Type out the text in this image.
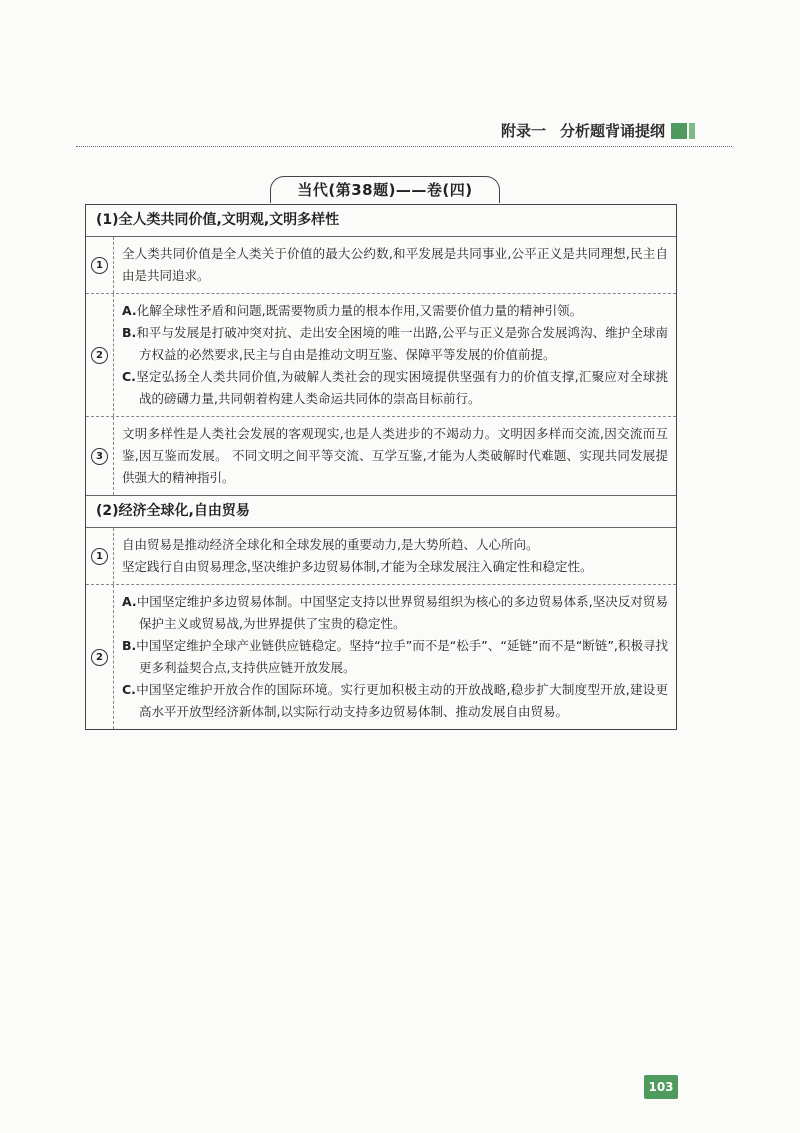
附录一 分析题背诵提纲
当代(第38题)——卷(四)
(1)全人类共同价值,文明观,文明多样性
1
全人类共同价值是全人类关于价值的最大公约数,和平发展是共同事业,公平正义是共同理想,民主自由是共同追求。
2
A.化解全球性矛盾和问题,既需要物质力量的根本作用,又需要价值力量的精神引领。
B.和平与发展是打破冲突对抗、走出安全困境的唯一出路,公平与正义是弥合发展鸿沟、维护全球南方权益的必然要求,民主与自由是推动文明互鉴、保障平等发展的价值前提。
C.坚定弘扬全人类共同价值,为破解人类社会的现实困境提供坚强有力的价值支撑,汇聚应对全球挑战的磅礴力量,共同朝着构建人类命运共同体的崇高目标前行。
3
文明多样性是人类社会发展的客观现实,也是人类进步的不竭动力。文明因多样而交流,因交流而互鉴,因互鉴而发展。 不同文明之间平等交流、互学互鉴,才能为人类破解时代难题、实现共同发展提供强大的精神指引。
(2)经济全球化,自由贸易
1
自由贸易是推动经济全球化和全球发展的重要动力,是大势所趋、人心所向。
坚定践行自由贸易理念,坚决维护多边贸易体制,才能为全球发展注入确定性和稳定性。
2
A.中国坚定维护多边贸易体制。中国坚定支持以世界贸易组织为核心的多边贸易体系,坚决反对贸易保护主义或贸易战,为世界提供了宝贵的稳定性。
B.中国坚定维护全球产业链供应链稳定。坚持“拉手”而不是“松手”、“延链”而不是“断链”,积极寻找更多利益契合点,支持供应链开放发展。
C.中国坚定维护开放合作的国际环境。实行更加积极主动的开放战略,稳步扩大制度型开放,建设更高水平开放型经济新体制,以实际行动支持多边贸易体制、推动发展自由贸易。
103
